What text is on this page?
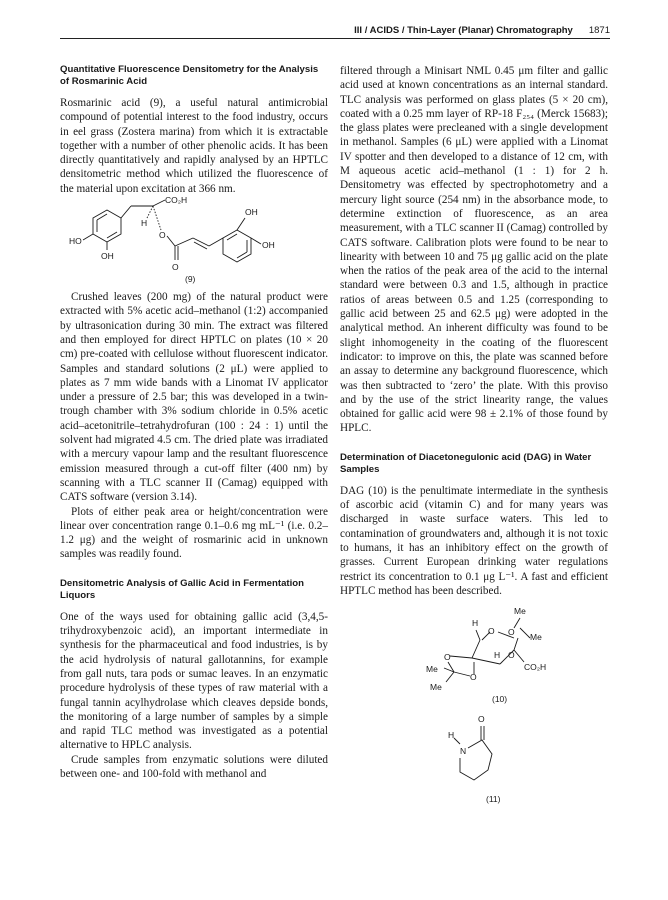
III / ACIDS / Thin-Layer (Planar) Chromatography 1871
Quantitative Fluorescence Densitometry for the Analysis of Rosmarinic Acid

Rosmarinic acid (9), a useful natural antimicrobial compound of potential interest to the food industry, occurs in eel grass (Zostera marina) from which it is extractable together with a number of other phenolic acids. It has been directly quantitatively and rapidly analysed by an HPTLC densitometric method which utilized the fluorescence of the material upon excitation at 366 nm.

HO
OH
CO₂H
H
O
O
OH
OH
(9)

Crushed leaves (200 mg) of the natural product were extracted with 5% acetic acid–methanol (1:2) accompanied by ultrasonication during 30 min. The extract was filtered and then employed for direct HPTLC on plates (10 × 20 cm) pre-coated with cellulose without fluorescent indicator. Samples and standard solutions (2 μL) were applied to plates as 7 mm wide bands with a Linomat IV applicator under a pressure of 2.5 bar; this was developed in a twin-trough chamber with 3% sodium chloride in 0.5% acetic acid–acetonitrile–tetrahydrofuran (100 : 24 : 1) until the solvent had migrated 4.5 cm. The dried plate was irradiated with a mercury vapour lamp and the resultant fluorescence emission measured through a cut-off filter (400 nm) by scanning with a TLC scanner II (Camag) equipped with CATS software (version 3.14).

Plots of either peak area or height/concentration were linear over concentration range 0.1–0.6 mg mL⁻¹ (i.e. 0.2–1.2 μg) and the weight of rosmarinic acid in unknown samples was readily found.

Densitometric Analysis of Gallic Acid in Fermentation Liquors

One of the ways used for obtaining gallic acid (3,4,5-trihydroxybenzoic acid), an important intermediate in synthesis for the pharmaceutical and food industries, is by the acid hydrolysis of natural gallotannins, for example from gall nuts, tara pods or sumac leaves. In an enzymatic procedure hydrolysis of these types of raw material with a fungal tannin acylhydrolase which cleaves depside bonds, the monitoring of a large number of samples by a simple and rapid TLC method was investigated as a potential alternative to HPLC analysis.

Crude samples from enzymatic solutions were diluted between one- and 100-fold with methanol and

filtered through a Minisart NML 0.45 μm filter and gallic acid used at known concentrations as an internal standard. TLC analysis was performed on glass plates (5 × 20 cm), coated with a 0.25 mm layer of RP-18 F₂₅₄ (Merck 15683); the glass plates were precleaned with a single development in methanol. Samples (6 μL) were applied with a Linomat IV spotter and then developed to a distance of 12 cm, with M aqueous acetic acid–methanol (1 : 1) for 2 h. Densitometry was effected by spectrophotometry and a mercury light source (254 nm) in the absorbance mode, to determine extinction of fluorescence, as an area measurement, with a TLC scanner II (Camag) controlled by CATS software. Calibration plots were found to be near to linearity with between 10 and 75 μg gallic acid on the plate when the ratios of the peak area of the acid to the internal standard were between 0.3 and 1.5, although in practice ratios of areas between 0.5 and 1.25 (corresponding to gallic acid between 25 and 62.5 μg) were adopted in the analytical method. An inherent difficulty was found to be slight inhomogeneity in the coating of the fluorescent indicator: to improve on this, the plate was scanned before an assay to determine any background fluorescence, which was then subtracted to ‘zero’ the plate. With this proviso and by the use of the strict linearity range, the values obtained for gallic acid were 98 ± 2.1% of those found by HPLC.

Determination of Diacetonegulonic acid (DAG) in Water Samples

DAG (10) is the penultimate intermediate in the synthesis of ascorbic acid (vitamin C) and for many years was discharged in waste surface waters. This led to contamination of groundwaters and, although it is not toxic to humans, it has an inhibitory effect on the growth of grasses. Current European drinking water regulations restrict its concentration to 0.1 μg L⁻¹. A fast and efficient HPTLC method has been described.

Me
O Me
H
O
H O
CO₂H
O
O
Me
Me
(10)
O
H
N
(11)
